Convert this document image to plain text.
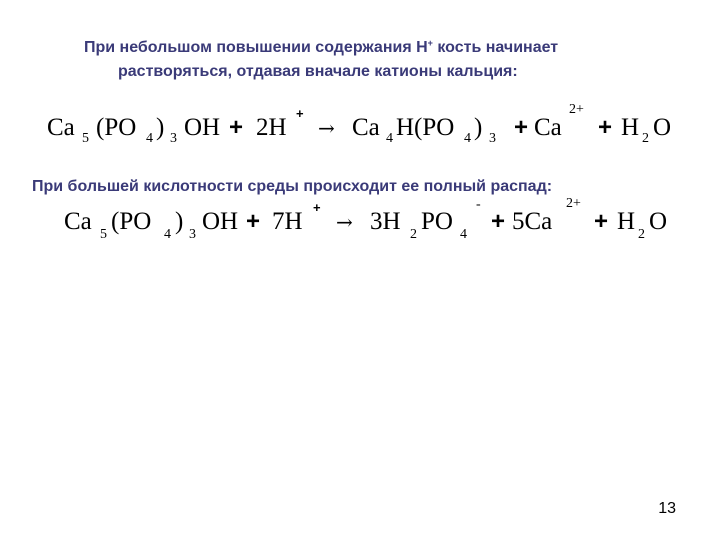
При небольшом повышении содержания Н+ кость начинает
растворяться, отдавая вначале катионы кальция:
Ca 5 (PO 4 ) 3 OH + 2H
+
→ Ca 4 H(PO 4 ) 3 + Ca
2+
+ H 2 O
При большей кислотности среды происходит ее полный распад:
Ca 5 (PO 4 ) 3 OH + 7H
+
→ 3H 2 PO 4
-
+ 5Ca
2+
+ H 2 O
13
